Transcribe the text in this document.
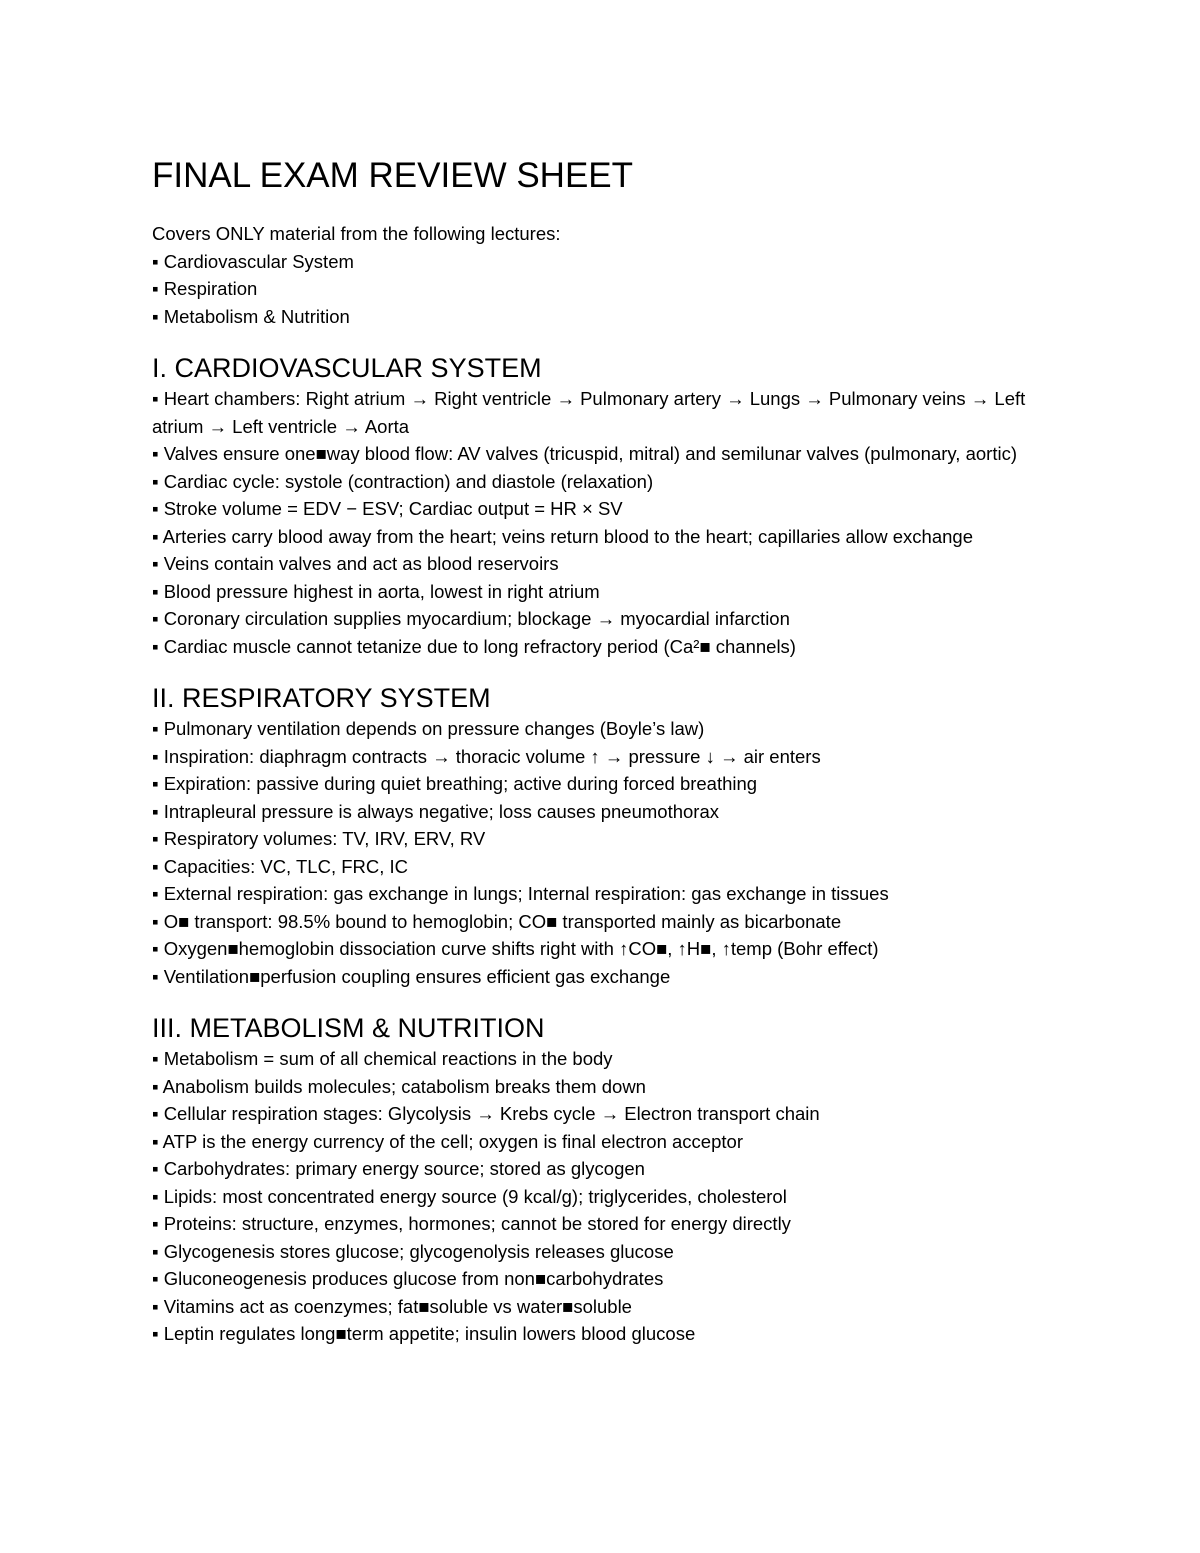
FINAL EXAM REVIEW SHEET

Covers ONLY material from the following lectures:

▪ Cardiovascular System

▪ Respiration

▪ Metabolism & Nutrition

I. CARDIOVASCULAR SYSTEM

▪ Heart chambers: Right atrium → Right ventricle → Pulmonary artery → Lungs → Pulmonary veins → Left atrium → Left ventricle → Aorta

▪ Valves ensure one■way blood flow: AV valves (tricuspid, mitral) and semilunar valves (pulmonary, aortic)

▪ Cardiac cycle: systole (contraction) and diastole (relaxation)

▪ Stroke volume = EDV − ESV; Cardiac output = HR × SV

▪ Arteries carry blood away from the heart; veins return blood to the heart; capillaries allow exchange

▪ Veins contain valves and act as blood reservoirs

▪ Blood pressure highest in aorta, lowest in right atrium

▪ Coronary circulation supplies myocardium; blockage → myocardial infarction

▪ Cardiac muscle cannot tetanize due to long refractory period (Ca²■ channels)

II. RESPIRATORY SYSTEM

▪ Pulmonary ventilation depends on pressure changes (Boyle’s law)

▪ Inspiration: diaphragm contracts → thoracic volume ↑ → pressure ↓ → air enters

▪ Expiration: passive during quiet breathing; active during forced breathing

▪ Intrapleural pressure is always negative; loss causes pneumothorax

▪ Respiratory volumes: TV, IRV, ERV, RV

▪ Capacities: VC, TLC, FRC, IC

▪ External respiration: gas exchange in lungs; Internal respiration: gas exchange in tissues

▪ O■ transport: 98.5% bound to hemoglobin; CO■ transported mainly as bicarbonate

▪ Oxygen■hemoglobin dissociation curve shifts right with ↑CO■, ↑H■, ↑temp (Bohr effect)

▪ Ventilation■perfusion coupling ensures efficient gas exchange

III. METABOLISM & NUTRITION

▪ Metabolism = sum of all chemical reactions in the body

▪ Anabolism builds molecules; catabolism breaks them down

▪ Cellular respiration stages: Glycolysis → Krebs cycle → Electron transport chain

▪ ATP is the energy currency of the cell; oxygen is final electron acceptor

▪ Carbohydrates: primary energy source; stored as glycogen

▪ Lipids: most concentrated energy source (9 kcal/g); triglycerides, cholesterol

▪ Proteins: structure, enzymes, hormones; cannot be stored for energy directly

▪ Glycogenesis stores glucose; glycogenolysis releases glucose

▪ Gluconeogenesis produces glucose from non■carbohydrates

▪ Vitamins act as coenzymes; fat■soluble vs water■soluble

▪ Leptin regulates long■term appetite; insulin lowers blood glucose
